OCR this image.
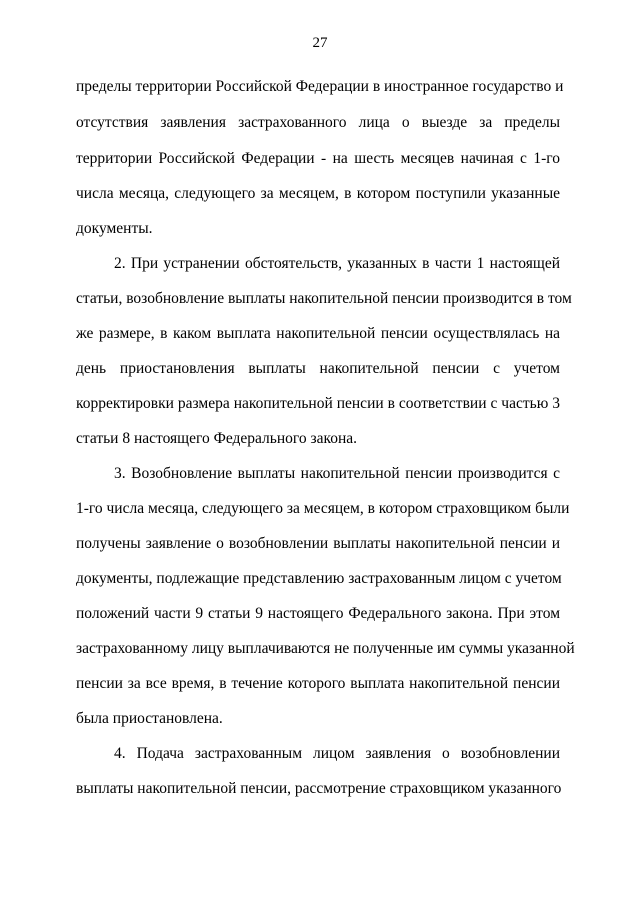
27
пределы территории Российской Федерации в иностранное государство и
отсутствия заявления застрахованного лица о выезде за пределы
территории Российской Федерации - на шесть месяцев начиная с 1-го
числа месяца, следующего за месяцем, в котором поступили указанные
документы.
2. При устранении обстоятельств, указанных в части 1 настоящей
статьи, возобновление выплаты накопительной пенсии производится в том
же размере, в каком выплата накопительной пенсии осуществлялась на
день приостановления выплаты накопительной пенсии с учетом
корректировки размера накопительной пенсии в соответствии с частью 3
статьи 8 настоящего Федерального закона.
3. Возобновление выплаты накопительной пенсии производится с
1-го числа месяца, следующего за месяцем, в котором страховщиком были
получены заявление о возобновлении выплаты накопительной пенсии и
документы, подлежащие представлению застрахованным лицом с учетом
положений части 9 статьи 9 настоящего Федерального закона. При этом
застрахованному лицу выплачиваются не полученные им суммы указанной
пенсии за все время, в течение которого выплата накопительной пенсии
была приостановлена.
4. Подача застрахованным лицом заявления о возобновлении
выплаты накопительной пенсии, рассмотрение страховщиком указанного
